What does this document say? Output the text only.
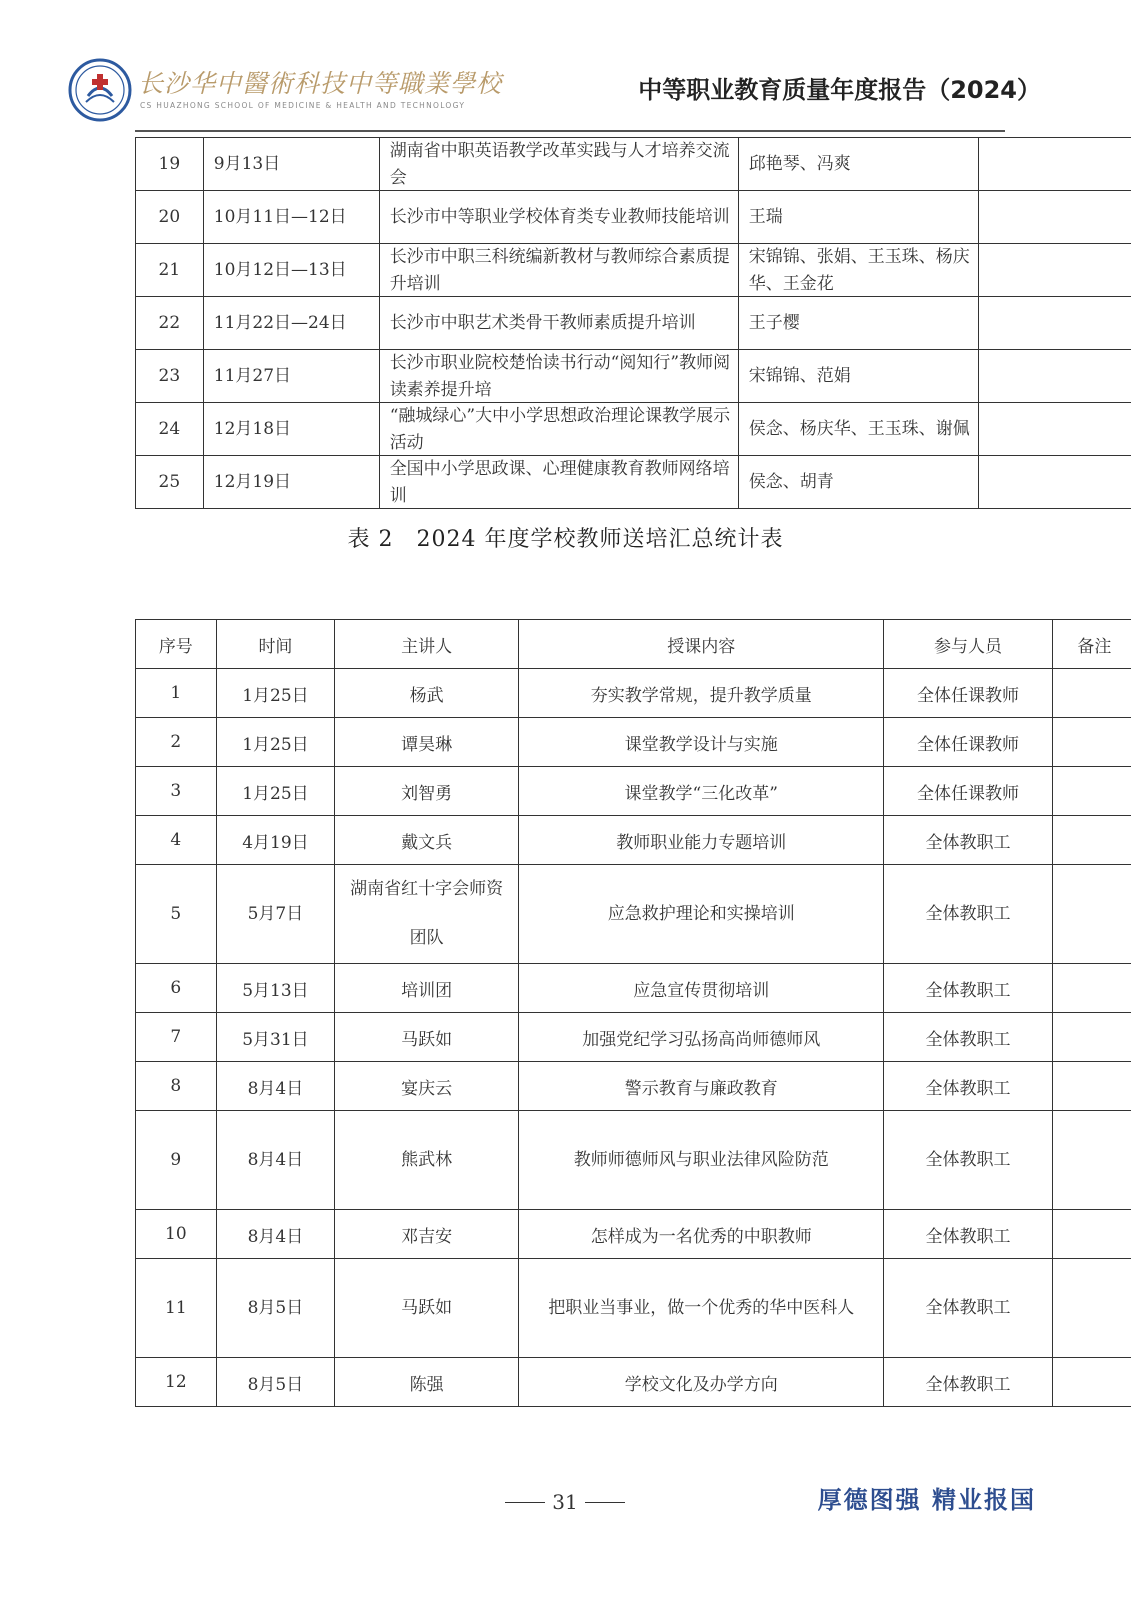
长沙华中醫術科技中等職業學校
CS HUAZHONG SCHOOL OF MEDICINE & HEALTH AND TECHNOLOGY
中等职业教育质量年度报告（2024）
19	9月13日	湖南省中职英语教学改革实践与人才培养交流会	邱艳琴、冯爽	

20	10月11日—12日	长沙市中等职业学校体育类专业教师技能培训	王瑞	

21	10月12日—13日	长沙市中职三科统编新教材与教师综合素质提升培训	宋锦锦、张娟、王玉珠、杨庆华、王金花	

22	11月22日—24日	长沙市中职艺术类骨干教师素质提升培训	王子樱	

23	11月27日	长沙市职业院校楚怡读书行动“阅知行”教师阅读素养提升培	宋锦锦、范娟	

24	12月18日	“融城绿心”大中小学思想政治理论课教学展示活动	侯念、杨庆华、王玉珠、谢佩	

25	12月19日	全国中小学思政课、心理健康教育教师网络培训	侯念、胡青	

表 2　2024 年度学校教师送培汇总统计表
序号	时间	主讲人	授课内容	参与人员	备注

1	1月25日	杨武	夯实教学常规，提升教学质量	全体任课教师	

2	1月25日	谭昊琳	课堂教学设计与实施	全体任课教师	

3	1月25日	刘智勇	课堂教学“三化改革”	全体任课教师	

4	4月19日	戴文兵	教师职业能力专题培训	全体教职工	

5	5月7日	湖南省红十字会师资团队	应急救护理论和实操培训	全体教职工	

6	5月13日	培训团	应急宣传贯彻培训	全体教职工	

7	5月31日	马跃如	加强党纪学习弘扬高尚师德师风	全体教职工	

8	8月4日	宴庆云	警示教育与廉政教育	全体教职工	

9	8月4日	熊武林	教师师德师风与职业法律风险防范	全体教职工	

10	8月4日	邓吉安	怎样成为一名优秀的中职教师	全体教职工	

11	8月5日	马跃如	把职业当事业，做一个优秀的华中医科人	全体教职工	

12	8月5日	陈强	学校文化及办学方向	全体教职工	

31	厚德图强 精业报国
